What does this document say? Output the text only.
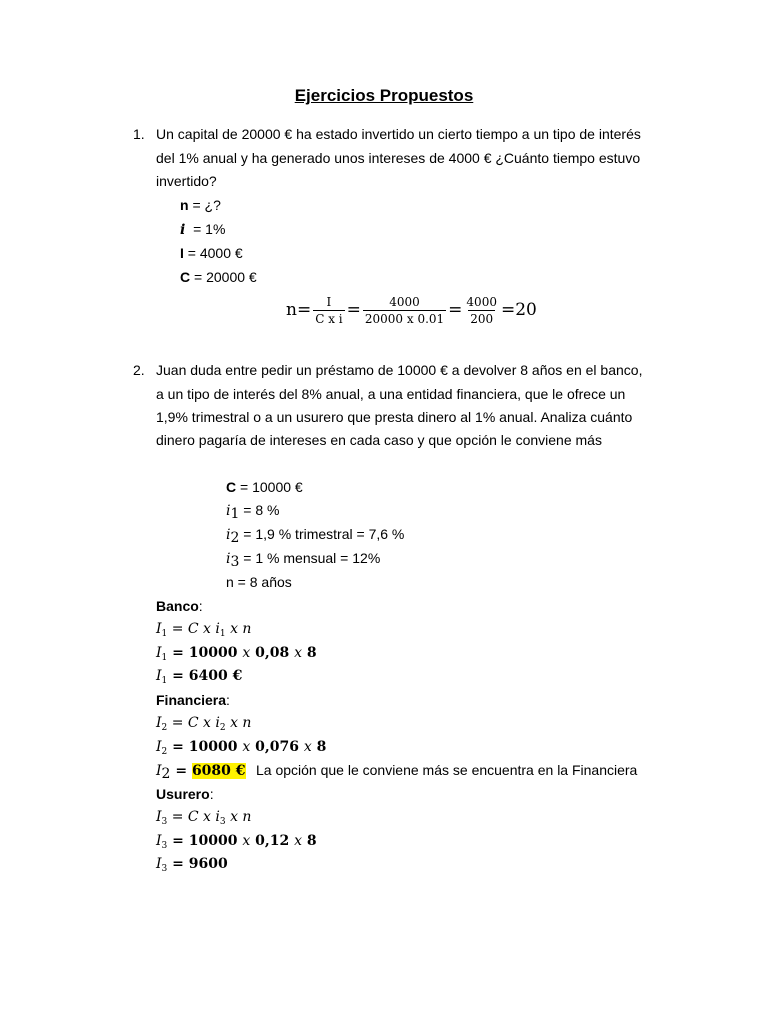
Ejercicios Propuestos
1. Un capital de 20000 € ha estado invertido un cierto tiempo a un tipo de interés
del 1% anual y ha generado unos intereses de 4000 € ¿Cuánto tiempo estuvo
invertido?
n = ¿?
i  = 1%
I = 4000 €
C = 20000 €
$n= \frac{I}{\text{C x i}} = \frac{4000}{20000 x 0.01} = \frac{4000}{200} =20$
2. Juan duda entre pedir un préstamo de 10000 € a devolver 8 años en el banco,
a un tipo de interés del 8% anual, a una entidad financiera, que le ofrece un
1,9% trimestral o a un usurero que presta dinero al 1% anual. Analiza cuánto
dinero pagaría de intereses en cada caso y que opción le conviene más
C = 10000 €
$i_1 = 8$ %
$i_2 = 1,9$ % trimestral = 7,6 %
$i_3 = 1$ % mensual = 12%
n = 8 años
Banco:
$I_1 = C$ x $i_1$ x n
$I_1 = 10000$ x 0,08 x 8
$I_1 = 6400$ €
Financiera:
$I_2 = C$ x $i_2$ x n
$I_2 = 10000$ x 0,076 x 8
$I_2 = 6080$ € La opción que le conviene más se encuentra en la Financiera
Usurero:
$I_3 = C$ x $i_3$ x n
$I_3 = 10000$ x 0,12 x 8
$I_3 = 9600$
